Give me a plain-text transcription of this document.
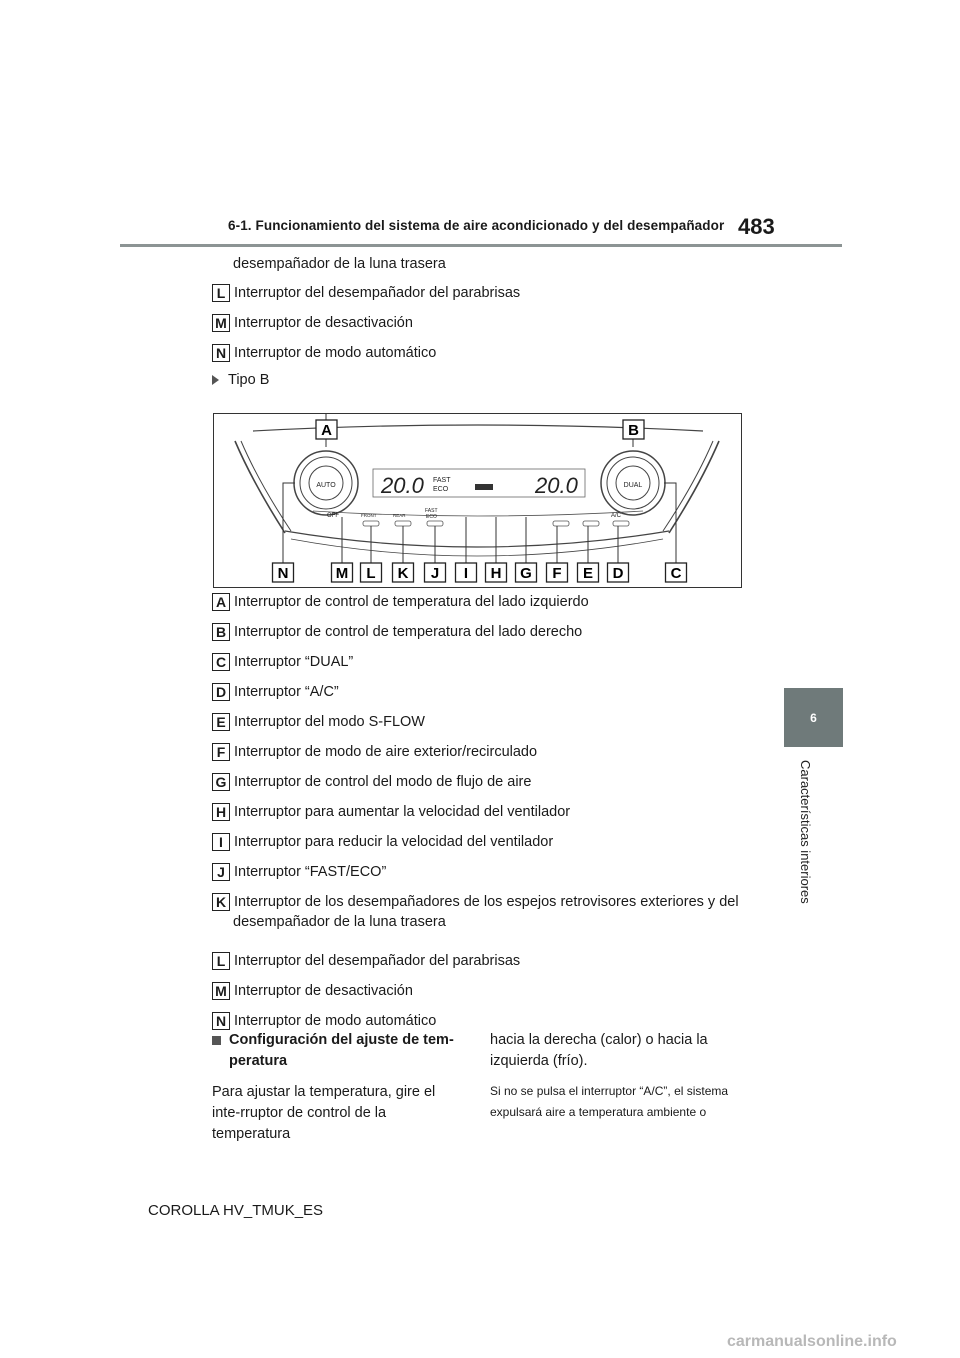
6-1. Funcionamiento del sistema de aire acondicionado y del desempañador 483
6
Características interiores
desempañador de la luna trasera
L Interruptor del desempañador del parabrisas
M Interruptor de desactivación
N Interruptor de modo automático
Tipo B
AUTO	DUAL
20.0	20.0
FAST
ECO
OFF	FRONT	REAR
FAST
ECO	A/C
A	B
N	M L K J I H G F E D	C
A Interruptor de control de temperatura del lado izquierdo
B Interruptor de control de temperatura del lado derecho
C Interruptor “DUAL”
D Interruptor “A/C”
E Interruptor del modo S-FLOW
F Interruptor de modo de aire exterior/recirculado
G Interruptor de control del modo de flujo de aire
H Interruptor para aumentar la velocidad del ventilador
I Interruptor para reducir la velocidad del ventilador
J Interruptor “FAST/ECO”
K Interruptor de los desempañadores de los espejos retrovisores exteriores y del
L Interruptor del desempañador del parabrisas
M Interruptor de desactivación
N Interruptor de modo automático
desempañador de la luna trasera
Configuración del ajuste de tem-peratura
Para ajustar la temperatura, gire el inte-rruptor de control de la temperatura
hacia la derecha (calor) o hacia la izquierda (frío).
Si no se pulsa el interruptor “A/C”, el sistema expulsará aire a temperatura ambiente o
COROLLA HV_TMUK_ES
carmanualsonline.info
